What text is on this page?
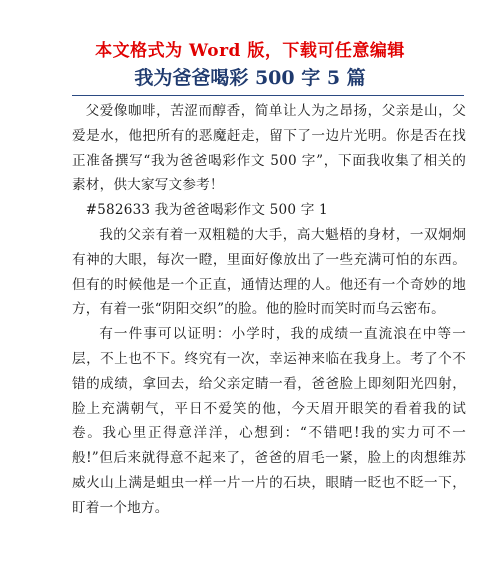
本文格式为 Word 版，下载可任意编辑
我为爸爸喝彩 500 字 5 篇

父爱像咖啡，苦涩而醇香，简单让人为之昂扬，父亲是山，父爱是水，他把所有的恶魔赶走，留下了一边片光明。你是否在找正准备撰写“我为爸爸喝彩作文 500 字”，下面我收集了相关的素材，供大家写文参考！

#582633 我为爸爸喝彩作文 500 字 1

我的父亲有着一双粗糙的大手，高大魁梧的身材，一双炯炯有神的大眼，每次一瞪，里面好像放出了一些充满可怕的东西。但有的时候他是一个正直，通情达理的人。他还有一个奇妙的地方，有着一张“阴阳交织”的脸。他的脸时而笑时而乌云密布。

有一件事可以证明：小学时，我的成绩一直流浪在中等一层，不上也不下。终究有一次，幸运神来临在我身上。考了个不错的成绩，拿回去，给父亲定睛一看，爸爸脸上即刻阳光四射，脸上充满朝气，平日不爱笑的他，今天眉开眼笑的看着我的试卷。我心里正得意洋洋，心想到：“不错吧!我的实力可不一般!”但后来就得意不起来了，爸爸的眉毛一紧，脸上的肉想维苏威火山上满是蛆虫一样一片一片的石块，眼睛一眨也不眨一下，盯着一个地方。
